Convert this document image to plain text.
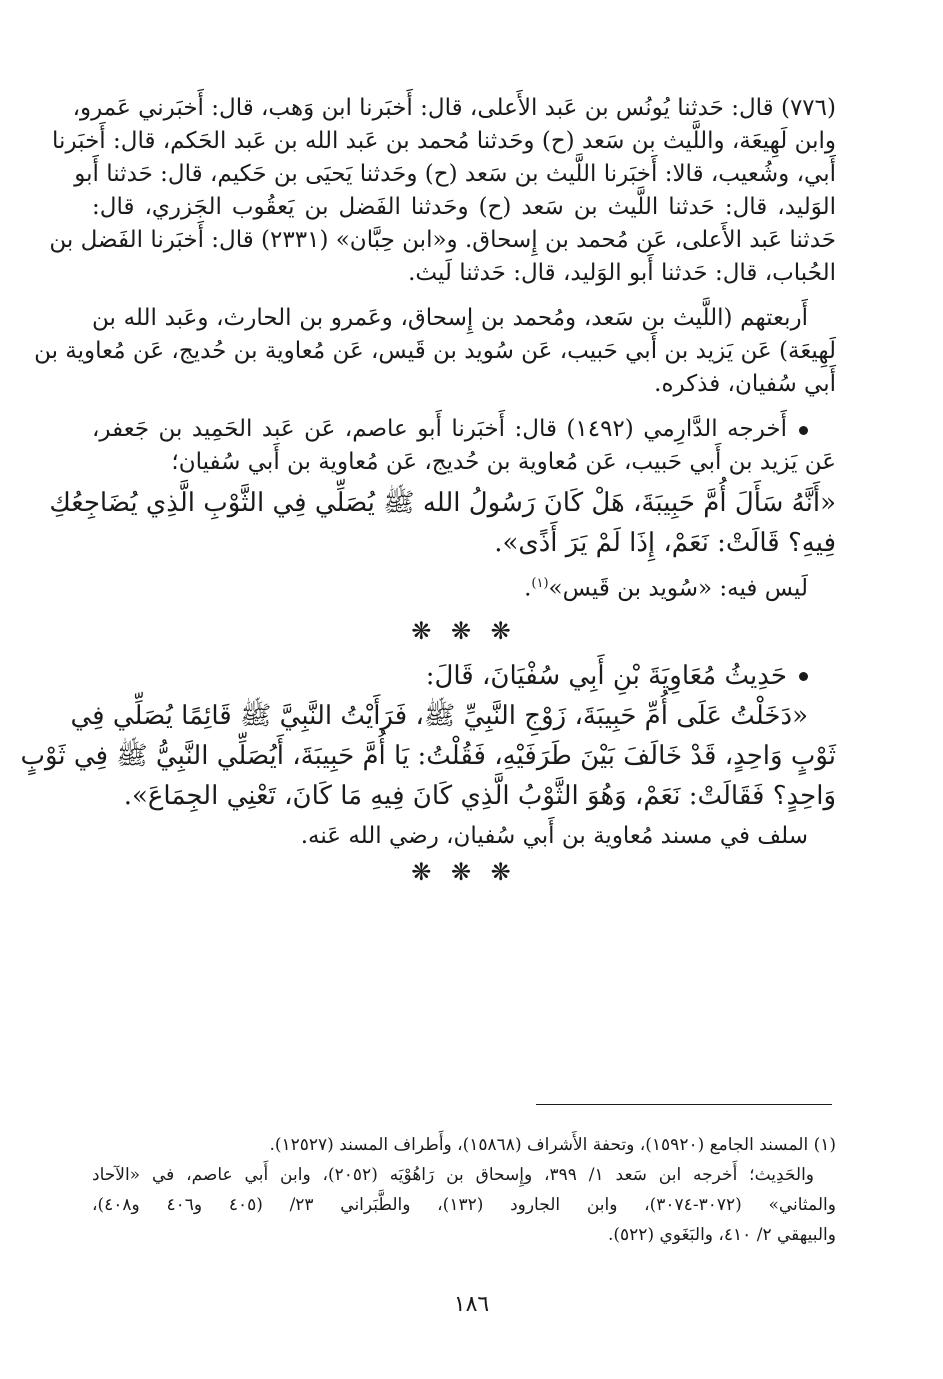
(٧٧٦) قال: حَدثنا يُونُس بن عَبد الأَعلى، قال: أَخبَرنا ابن وَهب، قال: أَخبَرني عَمرو،

وابن لَهِيعَة، واللَّيث بن سَعد (ح) وحَدثنا مُحمد بن عَبد الله بن عَبد الحَكم، قال: أَخبَرنا

أَبي، وشُعيب، قالا: أَخبَرنا اللَّيث بن سَعد (ح) وحَدثنا يَحيَى بن حَكيم، قال: حَدثنا أَبو

الوَليد، قال: حَدثنا اللَّيث بن سَعد (ح) وحَدثنا الفَضل بن يَعقُوب الجَزري، قال:

حَدثنا عَبد الأَعلى، عَن مُحمد بن إِسحاق. و«ابن حِبَّان» (٢٣٣١) قال: أَخبَرنا الفَضل بن

الحُباب، قال: حَدثنا أَبو الوَليد، قال: حَدثنا لَيث.

أَربعتهم (اللَّيث بن سَعد، ومُحمد بن إِسحاق، وعَمرو بن الحارث، وعَبد الله بن

لَهِيعَة) عَن يَزيد بن أَبي حَبيب، عَن سُويد بن قَيس، عَن مُعاوية بن حُديج، عَن مُعاوية بن

أَبي سُفيان، فذكره.

أَخرجه الدَّارِمي (١٤٩٢) قال: أَخبَرنا أَبو عاصم، عَن عَبد الحَمِيد بن جَعفر،

عَن يَزيد بن أَبي حَبيب، عَن مُعاوية بن حُديج، عَن مُعاوية بن أَبي سُفيان؛

«أَنَّهُ سَأَلَ أُمَّ حَبِيبَةَ، هَلْ كَانَ رَسُولُ الله ﷺ يُصَلِّي فِي الثَّوْبِ الَّذِي يُضَاجِعُكِ

فِيهِ؟ قَالَتْ: نَعَمْ، إِذَا لَمْ يَرَ أَذًى».

لَيس فيه: «سُويد بن قَيس»$^{(١)}$.

❋ ❋ ❋

حَدِيثُ مُعَاوِيَةَ بْنِ أَبِي سُفْيَانَ، قَالَ:

«دَخَلْتُ عَلَى أُمِّ حَبِيبَةَ، زَوْجِ النَّبِيِّ ﷺ، فَرَأَيْتُ النَّبِيَّ ﷺ قَائِمًا يُصَلِّي فِي

ثَوْبٍ وَاحِدٍ، قَدْ خَالَفَ بَيْنَ طَرَفَيْهِ، فَقُلْتُ: يَا أُمَّ حَبِيبَةَ، أَيُصَلِّي النَّبِيُّ ﷺ فِي ثَوْبٍ

وَاحِدٍ؟ فَقَالَتْ: نَعَمْ، وَهُوَ الثَّوْبُ الَّذِي كَانَ فِيهِ مَا كَانَ، تَعْنِي الجِمَاعَ».

سلف في مسند مُعاوية بن أَبي سُفيان، رضي الله عَنه.

❋ ❋ ❋

(١) المسند الجامع (١٥٩٢٠)، وتحفة الأَشراف (١٥٨٦٨)، وأَطراف المسند (١٢٥٢٧).

والحَدِيث؛ أَخرجه ابن سَعد ١/ ٣٩٩، وإِسحاق بن رَاهُوْيَه (٢٠٥٢)، وابن أَبي عاصم، في «الآحاد

والمثاني» (٣٠٧٢-٣٠٧٤)، وابن الجارود (١٣٢)، والطَّبَراني ٢٣/ (٤٠٥ و٤٠٦ و٤٠٨)،

والبيهقي ٢/ ٤١٠، والبَغَوي (٥٢٢).

١٨٦
